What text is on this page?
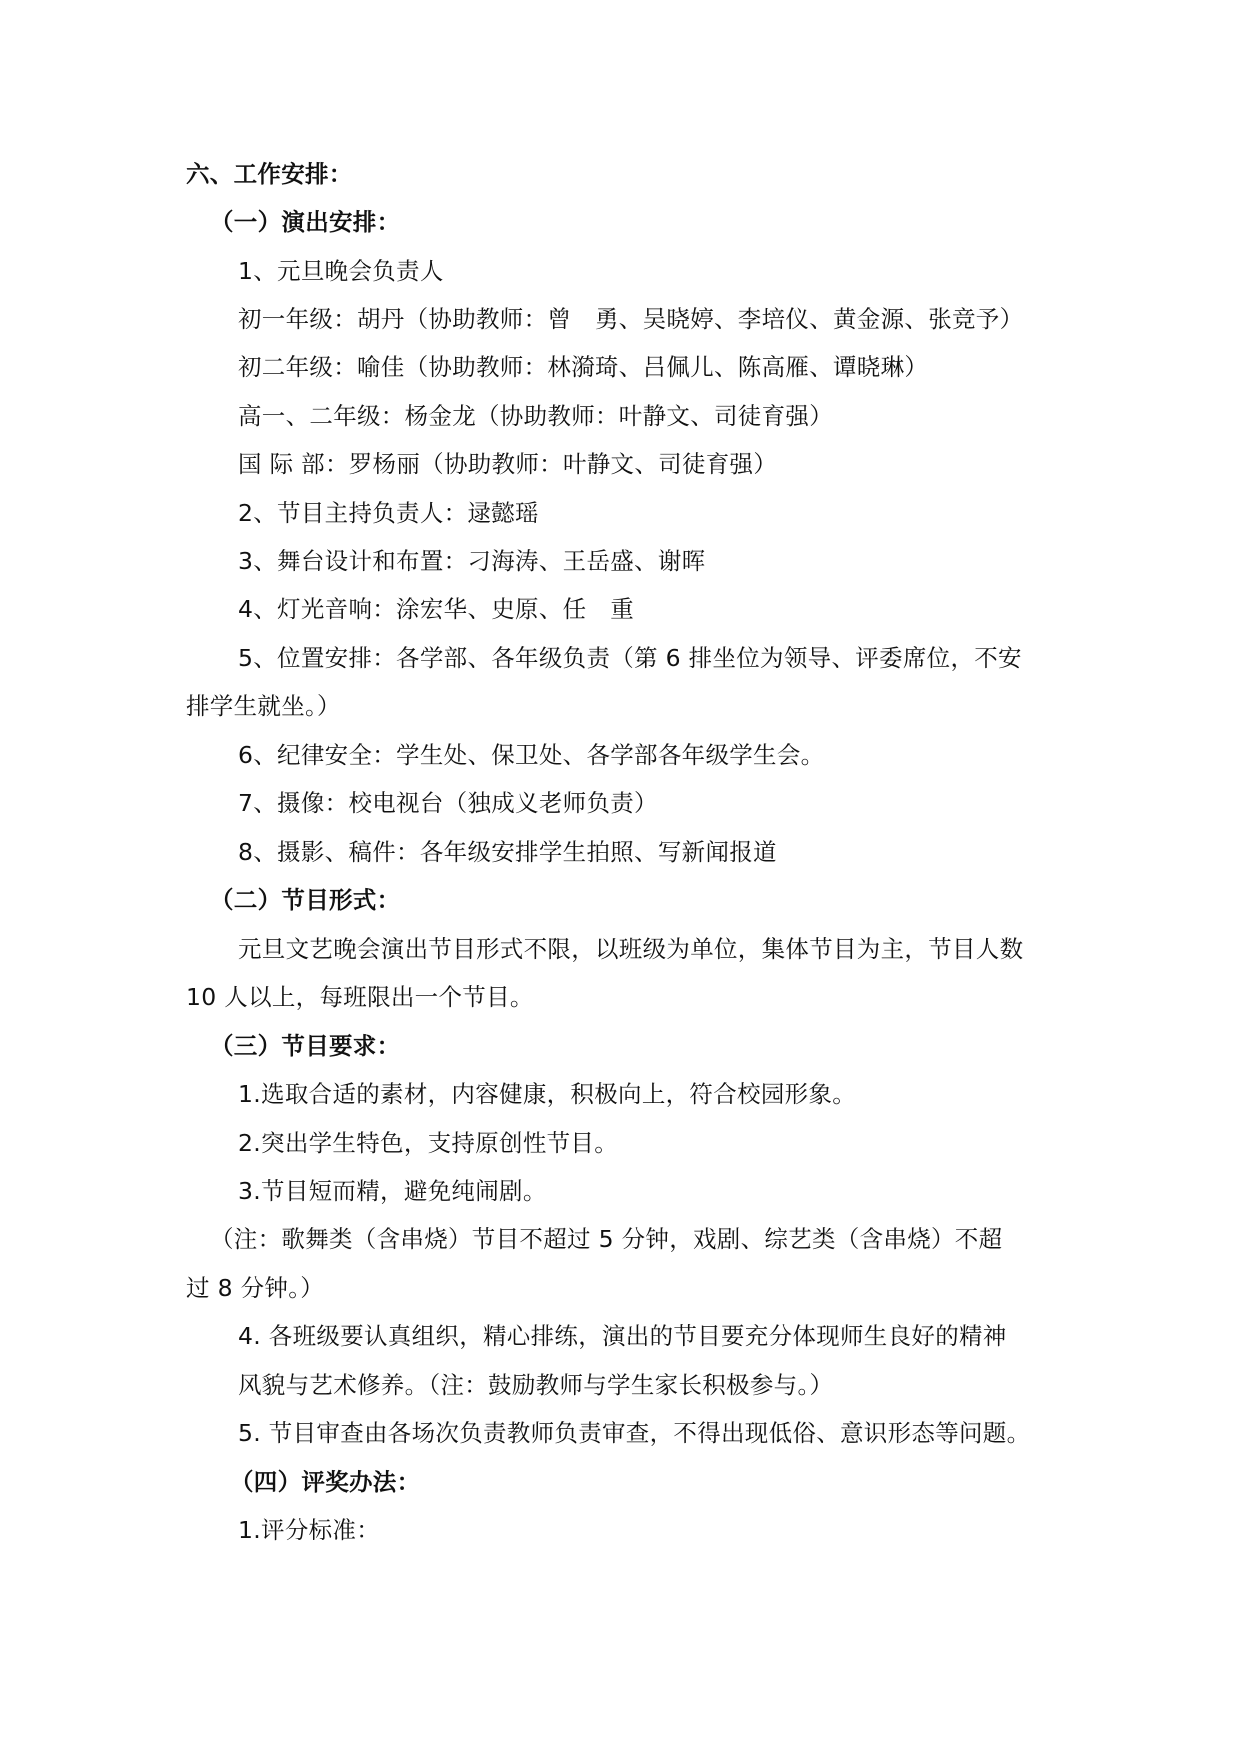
六、工作安排：
（一）演出安排：
1、元旦晚会负责人
初一年级：胡丹（协助教师：曾　勇、吴晓婷、李培仪、黄金源、张竞予）
初二年级：喻佳（协助教师：林漪琦、吕佩儿、陈高雁、谭晓琳）
高一、二年级：杨金龙（协助教师：叶静文、司徒育强）
国 际 部：罗杨丽（协助教师：叶静文、司徒育强）
2、节目主持负责人：逯懿瑶
3、舞台设计和布置：刁海涛、王岳盛、谢晖
4、灯光音响：涂宏华、史原、任　重
5、位置安排：各学部、各年级负责（第 6 排坐位为领导、评委席位，不安
排学生就坐。）
6、纪律安全：学生处、保卫处、各学部各年级学生会。
7、摄像：校电视台（独成义老师负责）
8、摄影、稿件：各年级安排学生拍照、写新闻报道
（二）节目形式：
元旦文艺晚会演出节目形式不限，以班级为单位，集体节目为主，节目人数
10 人以上，每班限出一个节目。
（三）节目要求：
1.选取合适的素材，内容健康，积极向上，符合校园形象。
2.突出学生特色，支持原创性节目。
3.节目短而精，避免纯闹剧。
（注：歌舞类（含串烧）节目不超过 5 分钟，戏剧、综艺类（含串烧）不超
过 8 分钟。）
4. 各班级要认真组织，精心排练，演出的节目要充分体现师生良好的精神
风貌与艺术修养。（注：鼓励教师与学生家长积极参与。）
5. 节目审查由各场次负责教师负责审查，不得出现低俗、意识形态等问题。
（四）评奖办法：
1.评分标准：
